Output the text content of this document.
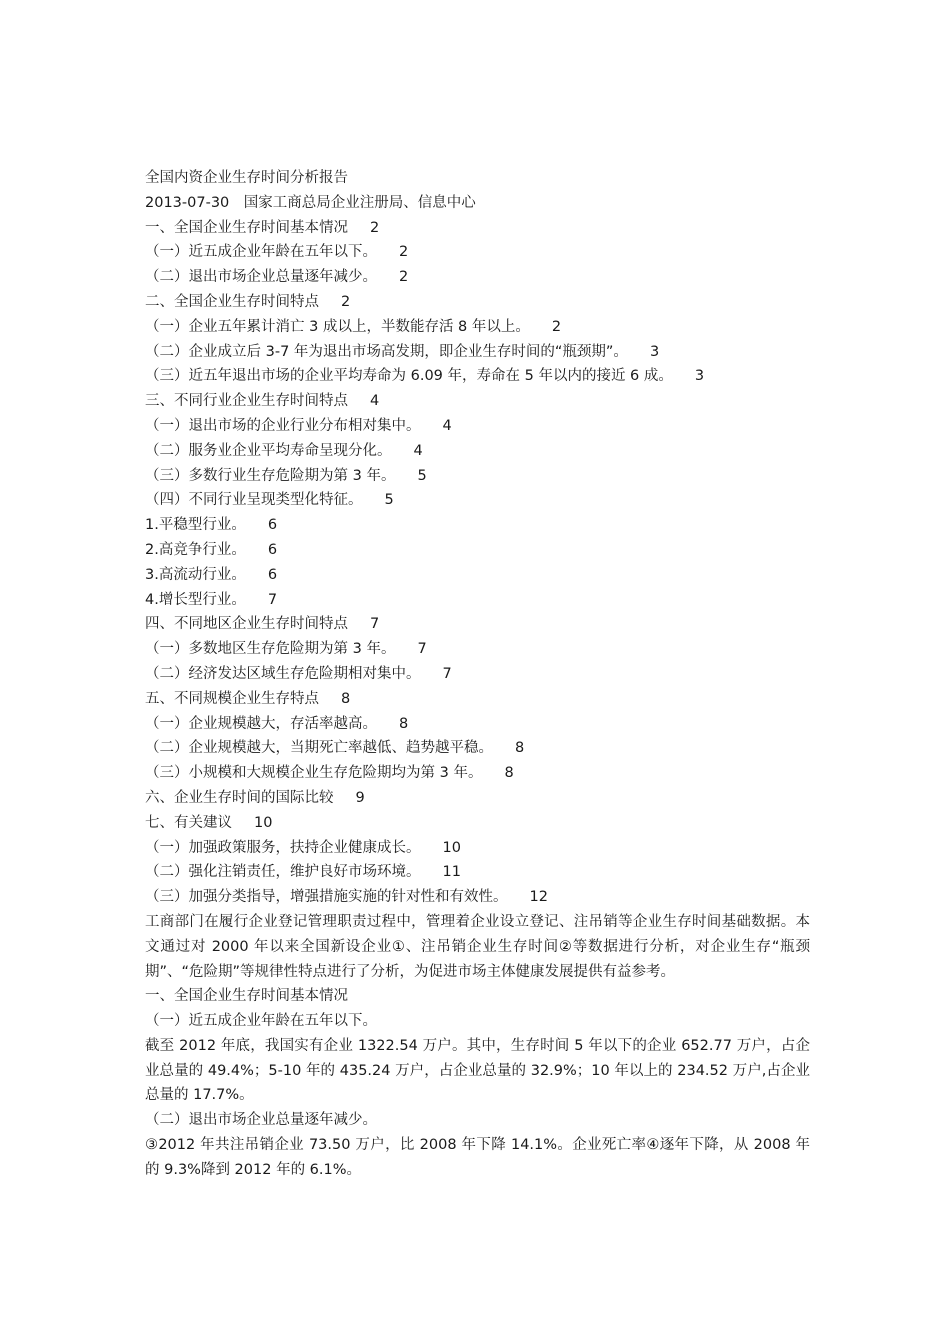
全国内资企业生存时间分析报告
2013-07-30　国家工商总局企业注册局、信息中心
一、全国企业生存时间基本情况 2
（一）近五成企业年龄在五年以下。 2
（二）退出市场企业总量逐年减少。 2
二、全国企业生存时间特点 2
（一）企业五年累计消亡 3 成以上，半数能存活 8 年以上。 2
（二）企业成立后 3-7 年为退出市场高发期，即企业生存时间的“瓶颈期”。 3
（三）近五年退出市场的企业平均寿命为 6.09 年，寿命在 5 年以内的接近 6 成。 3
三、不同行业企业生存时间特点 4
（一）退出市场的企业行业分布相对集中。 4
（二）服务业企业平均寿命呈现分化。 4
（三）多数行业生存危险期为第 3 年。 5
（四）不同行业呈现类型化特征。 5
1.平稳型行业。 6
2.高竞争行业。 6
3.高流动行业。 6
4.增长型行业。 7
四、不同地区企业生存时间特点 7
（一）多数地区生存危险期为第 3 年。 7
（二）经济发达区域生存危险期相对集中。 7
五、不同规模企业生存特点 8
（一）企业规模越大，存活率越高。 8
（二）企业规模越大，当期死亡率越低、趋势越平稳。 8
（三）小规模和大规模企业生存危险期均为第 3 年。 8
六、企业生存时间的国际比较 9
七、有关建议 10
（一）加强政策服务，扶持企业健康成长。 10
（二）强化注销责任，维护良好市场环境。 11
（三）加强分类指导，增强措施实施的针对性和有效性。 12
工商部门在履行企业登记管理职责过程中，管理着企业设立登记、注吊销等企业生存时间基础数据。本文通过对 2000 年以来全国新设企业①、注吊销企业生存时间②等数据进行分析，对企业生存“瓶颈期”、“危险期”等规律性特点进行了分析，为促进市场主体健康发展提供有益参考。
一、全国企业生存时间基本情况
（一）近五成企业年龄在五年以下。
截至 2012 年底，我国实有企业 1322.54 万户。其中，生存时间 5 年以下的企业 652.77 万户，占企业总量的 49.4%；5-10 年的 435.24 万户，占企业总量的 32.9%；10 年以上的 234.52 万户,占企业总量的 17.7%。
（二）退出市场企业总量逐年减少。
③2012 年共注吊销企业 73.50 万户，比 2008 年下降 14.1%。企业死亡率④逐年下降，从 2008 年的 9.3%降到 2012 年的 6.1%。
